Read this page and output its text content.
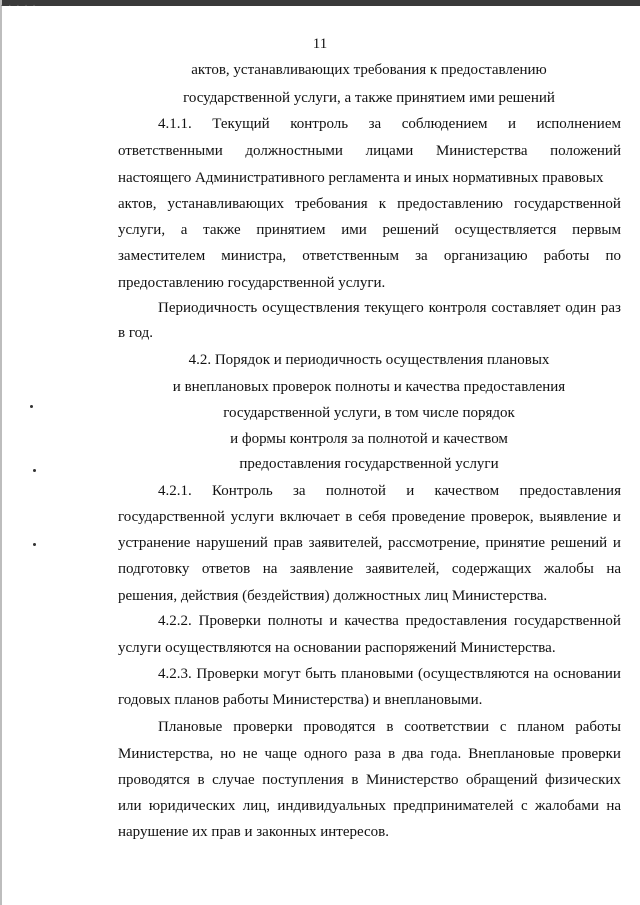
11
актов, устанавливающих требования к предоставлению
государственной услуги, а также принятием ими решений
4.1.1. Текущий контроль за соблюдением и исполнением
ответственными должностными лицами Министерства положений
настоящего Административного регламента и иных нормативных правовых
актов, устанавливающих требования к предоставлению государственной
услуги, а также принятием ими решений осуществляется первым
заместителем министра, ответственным за организацию работы по
предоставлению государственной услуги.
Периодичность осуществления текущего контроля составляет один раз
в год.
4.2. Порядок и периодичность осуществления плановых
и внеплановых проверок полноты и качества предоставления
государственной услуги, в том числе порядок
и формы контроля за полнотой и качеством
предоставления государственной услуги
4.2.1. Контроль за полнотой и качеством предоставления
государственной услуги включает в себя проведение проверок, выявление и
устранение нарушений прав заявителей, рассмотрение, принятие решений и
подготовку ответов на заявление заявителей, содержащих жалобы на
решения, действия (бездействия) должностных лиц Министерства.
4.2.2. Проверки полноты и качества предоставления государственной
услуги осуществляются на основании распоряжений Министерства.
4.2.3. Проверки могут быть плановыми (осуществляются на основании
годовых планов работы Министерства) и внеплановыми.
Плановые проверки проводятся в соответствии с планом работы
Министерства, но не чаще одного раза в два года. Внеплановые проверки
проводятся в случае поступления в Министерство обращений физических
или юридических лиц, индивидуальных предпринимателей с жалобами на
нарушение их прав и законных интересов.
· · · · ·
